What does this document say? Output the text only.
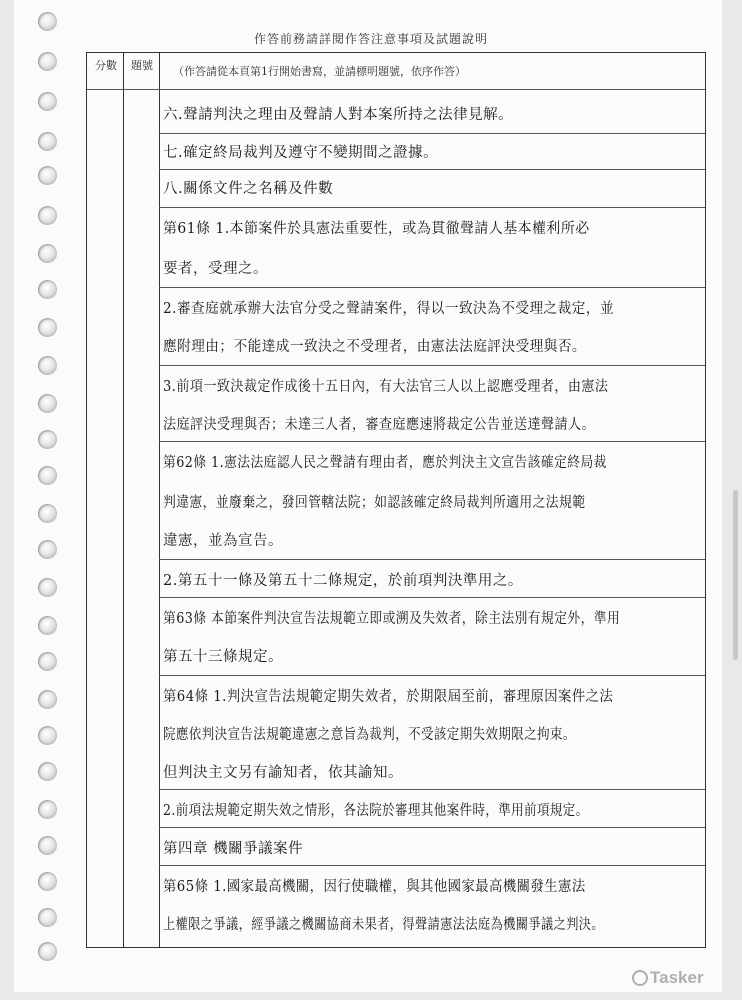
作答前務請詳閱作答注意事項及試題說明
分數	題號	（作答請從本頁第1行開始書寫，並請標明題號，依序作答）
六.聲請判決之理由及聲請人對本案所持之法律見解。
七.確定終局裁判及遵守不變期間之證據。
八.關係文件之名稱及件數
第61條 1.本節案件於具憲法重要性，或為貫徹聲請人基本權利所必
要者，受理之。
2.審查庭就承辦大法官分受之聲請案件，得以一致決為不受理之裁定，並
應附理由；不能達成一致決之不受理者，由憲法法庭評決受理與否。
3.前項一致決裁定作成後十五日內，有大法官三人以上認應受理者，由憲法
法庭評決受理與否；未達三人者，審查庭應速將裁定公告並送達聲請人。
第62條 1.憲法法庭認人民之聲請有理由者，應於判決主文宣告該確定終局裁
判違憲，並廢棄之，發回管轄法院；如認該確定終局裁判所適用之法規範
違憲，並為宣告。
2.第五十一條及第五十二條規定，於前項判決準用之。
第63條 本節案件判決宣告法規範立即或溯及失效者，除主法別有規定外，準用
第五十三條規定。
第64條 1.判決宣告法規範定期失效者，於期限屆至前，審理原因案件之法
院應依判決宣告法規範違憲之意旨為裁判，不受該定期失效期限之拘束。
但判決主文另有諭知者，依其諭知。
2.前項法規範定期失效之情形，各法院於審理其他案件時，準用前項規定。
第四章 機關爭議案件
第65條 1.國家最高機關，因行使職權，與其他國家最高機關發生憲法
上權限之爭議，經爭議之機關協商未果者，得聲請憲法法庭為機關爭議之判決。
Tasker
